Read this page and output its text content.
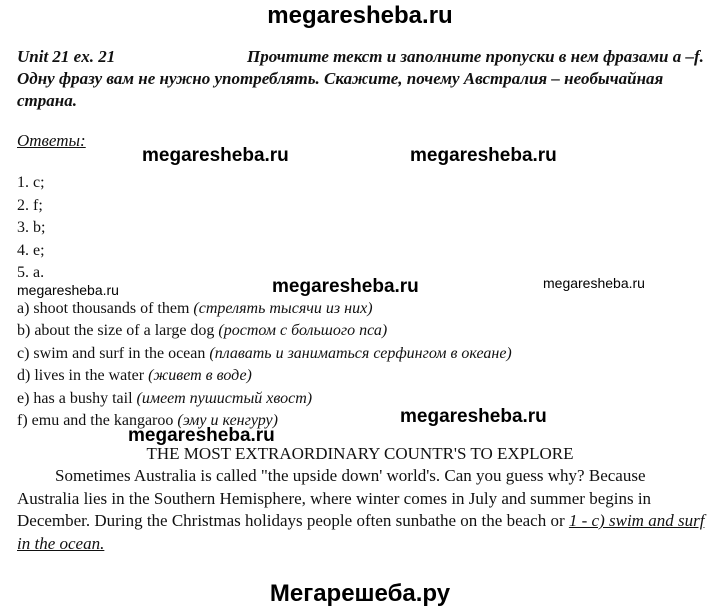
megaresheba.ru
Unit 21 ex. 21	Прочтите текст и заполните пропуски в нем фразами a –f. Одну фразу вам не нужно употреблять. Скажите, почему Австралия – необычайная страна.
Ответы:
megaresheba.ru	megaresheba.ru
1. c;
2. f;
3. b;
4. e;
5. a.
megaresheba.ru	megaresheba.ru	megaresheba.ru
a) shoot thousands of them (стрелять тысячи из них)
b) about the size of a large dog (ростом с большого пса)
c) swim and surf in the ocean (плавать и заниматься серфингом в океане)
d) lives in the water (живет в воде)
e) has a bushy tail (имеет пушистый хвост)
f) emu and the kangaroo (эму и кенгуру)	megaresheba.ru
megaresheba.ru
THE MOST EXTRAORDINARY COUNTR'S TO EXPLORE
Sometimes Australia is called "the upside down' world's. Can you guess why? Because Australia lies in the Southern Hemisphere, where winter comes in July and summer begins in December. During the Christmas holidays people often sunbathe on the beach or 1 - c) swim and surf in the ocean.
Мегарешеба.ру
